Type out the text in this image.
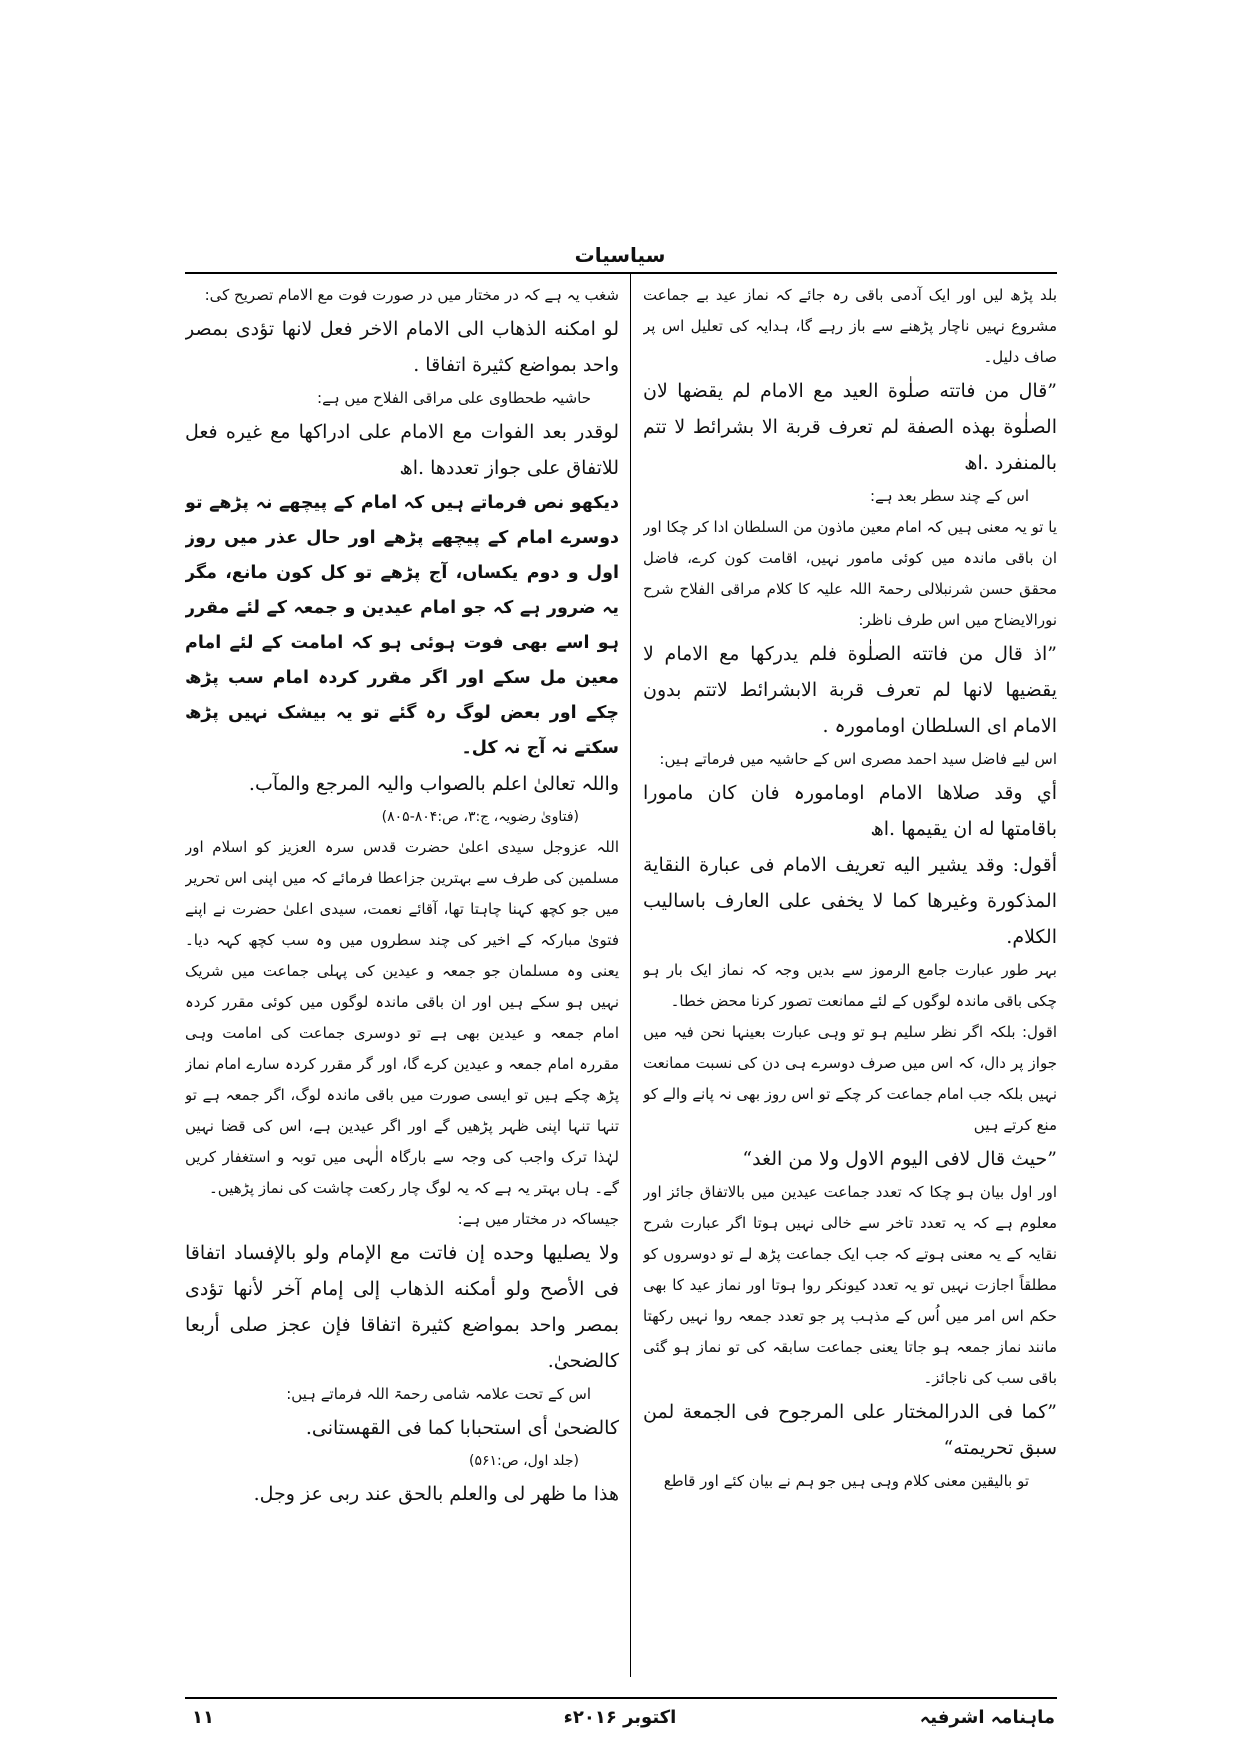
سیاسیات

بلد پڑھ لیں اور ایک آدمی باقی رہ جائے کہ نماز عید بے جماعت مشروع نہیں ناچار پڑھنے سے باز رہے گا، ہدایہ کی تعلیل اس پر صاف دلیل۔

”قال من فاتته صلٰوة العيد مع الامام لم يقضها لان الصلٰوة بهذه الصفة لم تعرف قربة الا بشرائط لا تتم بالمنفرد .اھ

اس کے چند سطر بعد ہے:

یا تو یہ معنی ہیں کہ امام معین ماذون من السلطان ادا کر چکا اور ان باقی ماندہ میں کوئی مامور نہیں، اقامت کون کرے، فاضل محقق حسن شرنبلالی رحمۃ اللہ علیہ کا کلام مراقی الفلاح شرح نورالایضاح میں اس طرف ناظر:

”اذ قال من فاتته الصلٰوة فلم يدركها مع الامام لا يقضيها لانها لم تعرف قربة الابشرائط لاتتم بدون الامام ای السلطان اومامورہ .

اس لیے فاضل سید احمد مصری اس کے حاشیہ میں فرماتے ہیں:

أي وقد صلاها الامام اومامورہ فان كان مامورا باقامتها له ان يقيمها .اھ

أقول: وقد يشير اليه تعريف الامام فی عبارة النقاية المذكورة وغيرها كما لا يخفى على العارف باساليب الكلام.

بہر طور عبارت جامع الرموز سے بدیں وجہ کہ نماز ایک بار ہو چکی باقی ماندہ لوگوں کے لئے ممانعت تصور کرنا محض خطا۔

اقول: بلکہ اگر نظر سلیم ہو تو وہی عبارت بعینہا نحن فیہ میں جواز پر دال، کہ اس میں صرف دوسرے ہی دن کی نسبت ممانعت نہیں بلکہ جب امام جماعت کر چکے تو اس روز بھی نہ پانے والے کو منع کرتے ہیں

”حيث قال لافی اليوم الاول ولا من الغد“

اور اول بیان ہو چکا کہ تعدد جماعت عیدین میں بالاتفاق جائز اور معلوم ہے کہ یہ تعدد تاخر سے خالی نہیں ہوتا اگر عبارت شرح نقایہ کے یہ معنی ہوتے کہ جب ایک جماعت پڑھ لے تو دوسروں کو مطلقاً اجازت نہیں تو یہ تعدد کیونکر روا ہوتا اور نماز عید کا بھی حکم اس امر میں اُس کے مذہب پر جو تعدد جمعہ روا نہیں رکھتا مانند نماز جمعہ ہو جاتا یعنی جماعت سابقہ کی تو نماز ہو گئی باقی سب کی ناجائز۔

”كما فی الدرالمختار على المرجوح فی الجمعة لمن سبق تحريمته“

تو بالیقین معنی کلام وہی ہیں جو ہم نے بیان کئے اور قاطع

شغب یہ ہے کہ در مختار میں در صورت فوت مع الامام تصریح کی:

لو امكنه الذهاب الى الامام الاخر فعل لانها تؤدى بمصر واحد بمواضع كثيرة اتفاقا .

حاشیہ طحطاوی علی مراقی الفلاح میں ہے:

لوقدر بعد الفوات مع الامام على ادراكها مع غيره فعل للاتفاق على جواز تعددها .اھ

دیکھو نص فرماتے ہیں کہ امام کے پیچھے نہ پڑھے تو دوسرے امام کے پیچھے پڑھے اور حال عذر میں روز اول و دوم یکساں، آج پڑھے تو کل کون مانع، مگر یہ ضرور ہے کہ جو امام عیدین و جمعہ کے لئے مقرر ہو اسے بھی فوت ہوئی ہو کہ امامت کے لئے امام معین مل سکے اور اگر مقرر کردہ امام سب پڑھ چکے اور بعض لوگ رہ گئے تو یہ بیشک نہیں پڑھ سکتے نہ آج نہ کل۔

واللہ تعالیٰ اعلم بالصواب والیہ المرجع والمآب.

(فتاویٰ رضویہ، ج:۳، ص:۸۰۴-۸۰۵)

اللہ عزوجل سیدی اعلیٰ حضرت قدس سرہ العزیز کو اسلام اور مسلمین کی طرف سے بہترین جزاعطا فرمائے کہ میں اپنی اس تحریر میں جو کچھ کہنا چاہتا تھا، آقائے نعمت، سیدی اعلیٰ حضرت نے اپنے فتویٰ مبارکہ کے اخیر کی چند سطروں میں وہ سب کچھ کہہ دیا۔ یعنی وہ مسلمان جو جمعہ و عیدین کی پہلی جماعت میں شریک نہیں ہو سکے ہیں اور ان باقی ماندہ لوگوں میں کوئی مقرر کردہ امام جمعہ و عیدین بھی ہے تو دوسری جماعت کی امامت وہی مقررہ امام جمعہ و عیدین کرے گا، اور گر مقرر کردہ سارے امام نماز پڑھ چکے ہیں تو ایسی صورت میں باقی ماندہ لوگ، اگر جمعہ ہے تو تنہا تنہا اپنی ظہر پڑھیں گے اور اگر عیدین ہے، اس کی قضا نہیں لہٰذا ترک واجب کی وجہ سے بارگاہ الٰہی میں توبہ و استغفار کریں گے۔ ہاں بہتر یہ ہے کہ یہ لوگ چار رکعت چاشت کی نماز پڑھیں۔

جیساکہ در مختار میں ہے:

ولا يصليها وحده إن فاتت مع الإمام ولو بالإفساد اتفاقا فی الأصح ولو أمكنه الذهاب إلی إمام آخر لأنها تؤدی بمصر واحد بمواضع كثيرة اتفاقا فإن عجز صلی أربعا كالضحیٰ.

اس کے تحت علامہ شامی رحمۃ اللہ فرماتے ہیں:

كالضحیٰ أی استحبابا كما فی القهستانی.

(جلد اول، ص:۵۶۱)

هذا ما ظهر لی والعلم بالحق عند ربی عز وجل.

ماہنامہ اشرفیہ
اکتوبر ۲۰۱۶ء
۱۱
